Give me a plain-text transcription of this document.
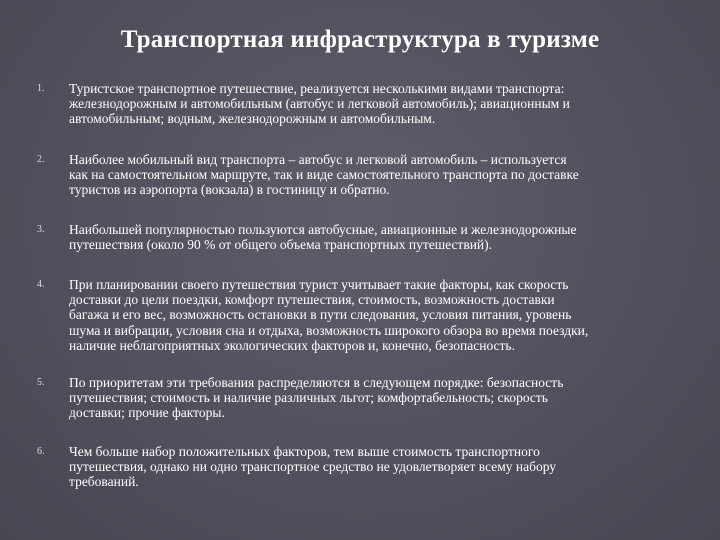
Транспортная инфраструктура в туризме
1. Туристское транспортное путешествие, реализуется несколькими видами транспорта:
железнодорожным и автомобильным (автобус и легковой автомобиль); авиационным и
автомобильным; водным, железнодорожным и автомобильным.
2. Наиболее мобильный вид транспорта – автобус и легковой автомобиль – используется
как на самостоятельном маршруте, так и виде самостоятельного транспорта по доставке
туристов из аэропорта (вокзала) в гостиницу и обратно.
3. Наибольшей популярностью пользуются автобусные, авиационные и железнодорожные
путешествия (около 90 % от общего объема транспортных путешествий).
4. При планировании своего путешествия турист учитывает такие факторы, как скорость
доставки до цели поездки, комфорт путешествия, стоимость, возможность доставки
багажа и его вес, возможность остановки в пути следования, условия питания, уровень
шума и вибрации, условия сна и отдыха, возможность широкого обзора во время поездки,
наличие неблагоприятных экологических факторов и, конечно, безопасность.
5. По приоритетам эти требования распределяются в следующем порядке: безопасность
путешествия; стоимость и наличие различных льгот; комфортабельность; скорость
доставки; прочие факторы.
6. Чем больше набор положительных факторов, тем выше стоимость транспортного
путешествия, однако ни одно транспортное средство не удовлетворяет всему набору
требований.
